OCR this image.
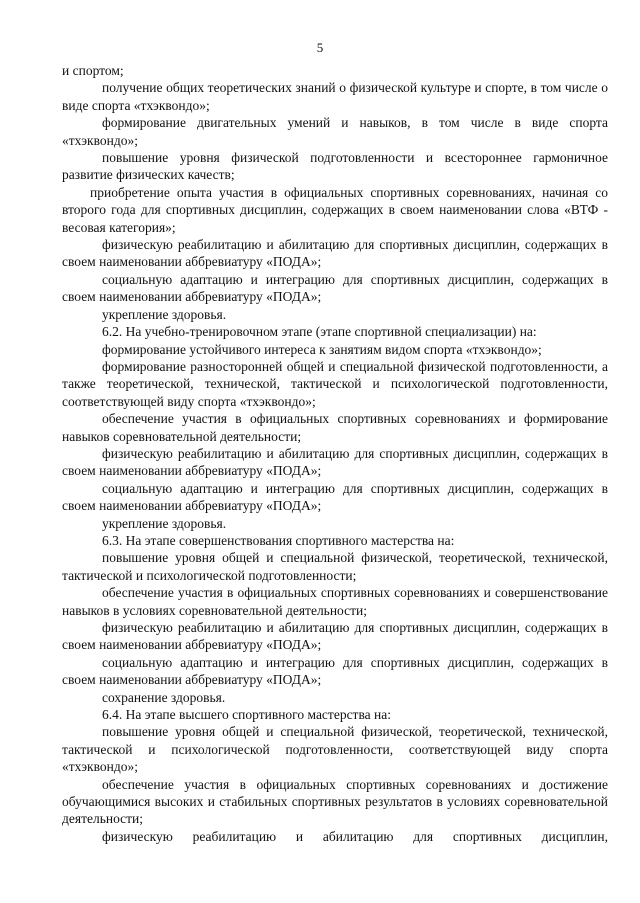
5

и спортом;

получение общих теоретических знаний о физической культуре и спорте, в том числе о виде спорта «тхэквондо»;

формирование двигательных умений и навыков, в том числе в виде спорта «тхэквондо»;

повышение уровня физической подготовленности и всестороннее гармоничное развитие физических качеств;

приобретение опыта участия в официальных спортивных соревнованиях, начиная со второго года для спортивных дисциплин, содержащих в своем наименовании слова «ВТФ - весовая категория»;

физическую реабилитацию и абилитацию для спортивных дисциплин, содержащих в своем наименовании аббревиатуру «ПОДА»;

социальную адаптацию и интеграцию для спортивных дисциплин, содержащих в своем наименовании аббревиатуру «ПОДА»;

укрепление здоровья.

6.2. На учебно-тренировочном этапе (этапе спортивной специализации) на:

формирование устойчивого интереса к занятиям видом спорта «тхэквондо»;

формирование разносторонней общей и специальной физической подготовленности, а также теоретической, технической, тактической и психологической подготовленности, соответствующей виду спорта «тхэквондо»;

обеспечение участия в официальных спортивных соревнованиях и формирование навыков соревновательной деятельности;

физическую реабилитацию и абилитацию для спортивных дисциплин, содержащих в своем наименовании аббревиатуру «ПОДА»;

социальную адаптацию и интеграцию для спортивных дисциплин, содержащих в своем наименовании аббревиатуру «ПОДА»;

укрепление здоровья.

6.3. На этапе совершенствования спортивного мастерства на:

повышение уровня общей и специальной физической, теоретической, технической, тактической и психологической подготовленности;

обеспечение участия в официальных спортивных соревнованиях и совершенствование навыков в условиях соревновательной деятельности;

физическую реабилитацию и абилитацию для спортивных дисциплин, содержащих в своем наименовании аббревиатуру «ПОДА»;

социальную адаптацию и интеграцию для спортивных дисциплин, содержащих в своем наименовании аббревиатуру «ПОДА»;

сохранение здоровья.

6.4. На этапе высшего спортивного мастерства на:

повышение уровня общей и специальной физической, теоретической, технической, тактической и психологической подготовленности, соответствующей виду спорта «тхэквондо»;

обеспечение участия в официальных спортивных соревнованиях и достижение обучающимися высоких и стабильных спортивных результатов в условиях соревновательной деятельности;

физическую реабилитацию и абилитацию для спортивных дисциплин,
